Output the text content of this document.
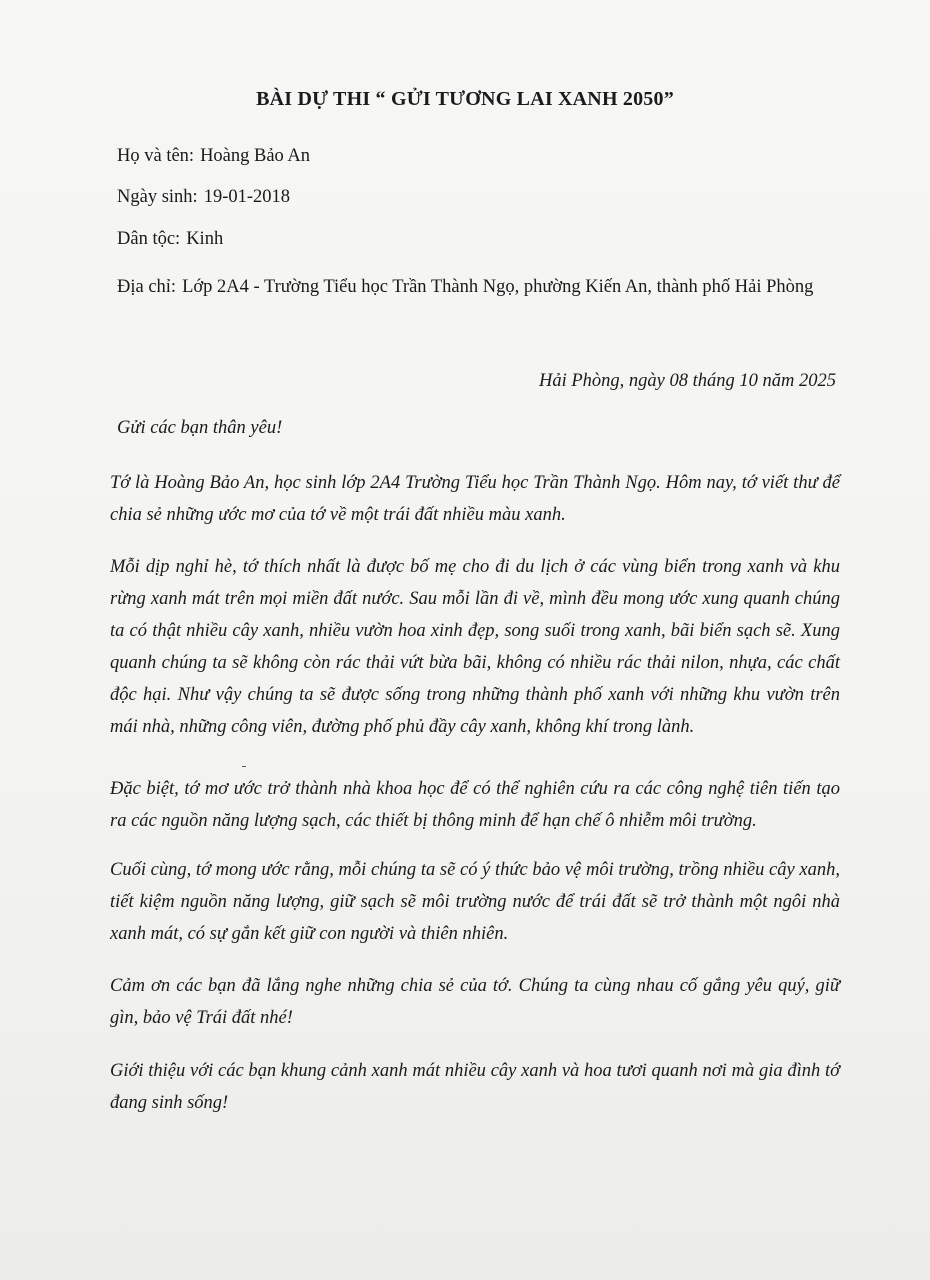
BÀI DỰ THI “ GỬI TƯƠNG LAI XANH 2050”

Họ và tên: Hoàng Bảo An

Ngày sinh: 19-01-2018

Dân tộc: Kinh

Địa chỉ: Lớp 2A4 - Trường Tiểu học Trần Thành Ngọ, phường Kiến An, thành phố Hải Phòng

Hải Phòng, ngày 08 tháng 10 năm 2025

Gửi các bạn thân yêu!

Tớ là Hoàng Bảo An, học sinh lớp 2A4 Trường Tiểu học Trần Thành Ngọ. Hôm nay, tớ viết thư để chia sẻ những ước mơ của tớ về một trái đất nhiều màu xanh.

Mỗi dịp nghỉ hè, tớ thích nhất là được bố mẹ cho đi du lịch ở các vùng biển trong xanh và khu rừng xanh mát trên mọi miền đất nước. Sau mỗi lần đi về, mình đều mong ước xung quanh chúng ta có thật nhiều cây xanh, nhiều vườn hoa xinh đẹp, song suối trong xanh, bãi biển sạch sẽ. Xung quanh chúng ta sẽ không còn rác thải vứt bừa bãi, không có nhiều rác thải nilon, nhựa, các chất độc hại. Như vậy chúng ta sẽ được sống trong những thành phố xanh với những khu vườn trên mái nhà, những công viên, đường phố phủ đầy cây xanh, không khí trong lành.

Đặc biệt, tớ mơ ước trở thành nhà khoa học để có thể nghiên cứu ra các công nghệ tiên tiến tạo ra các nguồn năng lượng sạch, các thiết bị thông minh để hạn chế ô nhiễm môi trường.

Cuối cùng, tớ mong ước rằng, mỗi chúng ta sẽ có ý thức bảo vệ môi trường, trồng nhiều cây xanh, tiết kiệm nguồn năng lượng, giữ sạch sẽ môi trường nước để trái đất sẽ trở thành một ngôi nhà xanh mát, có sự gắn kết giữ con người và thiên nhiên.

Cảm ơn các bạn đã lắng nghe những chia sẻ của tớ. Chúng ta cùng nhau cố gắng yêu quý, giữ gìn, bảo vệ Trái đất nhé!

Giới thiệu với các bạn khung cảnh xanh mát nhiều cây xanh và hoa tươi quanh nơi mà gia đình tớ đang sinh sống!
